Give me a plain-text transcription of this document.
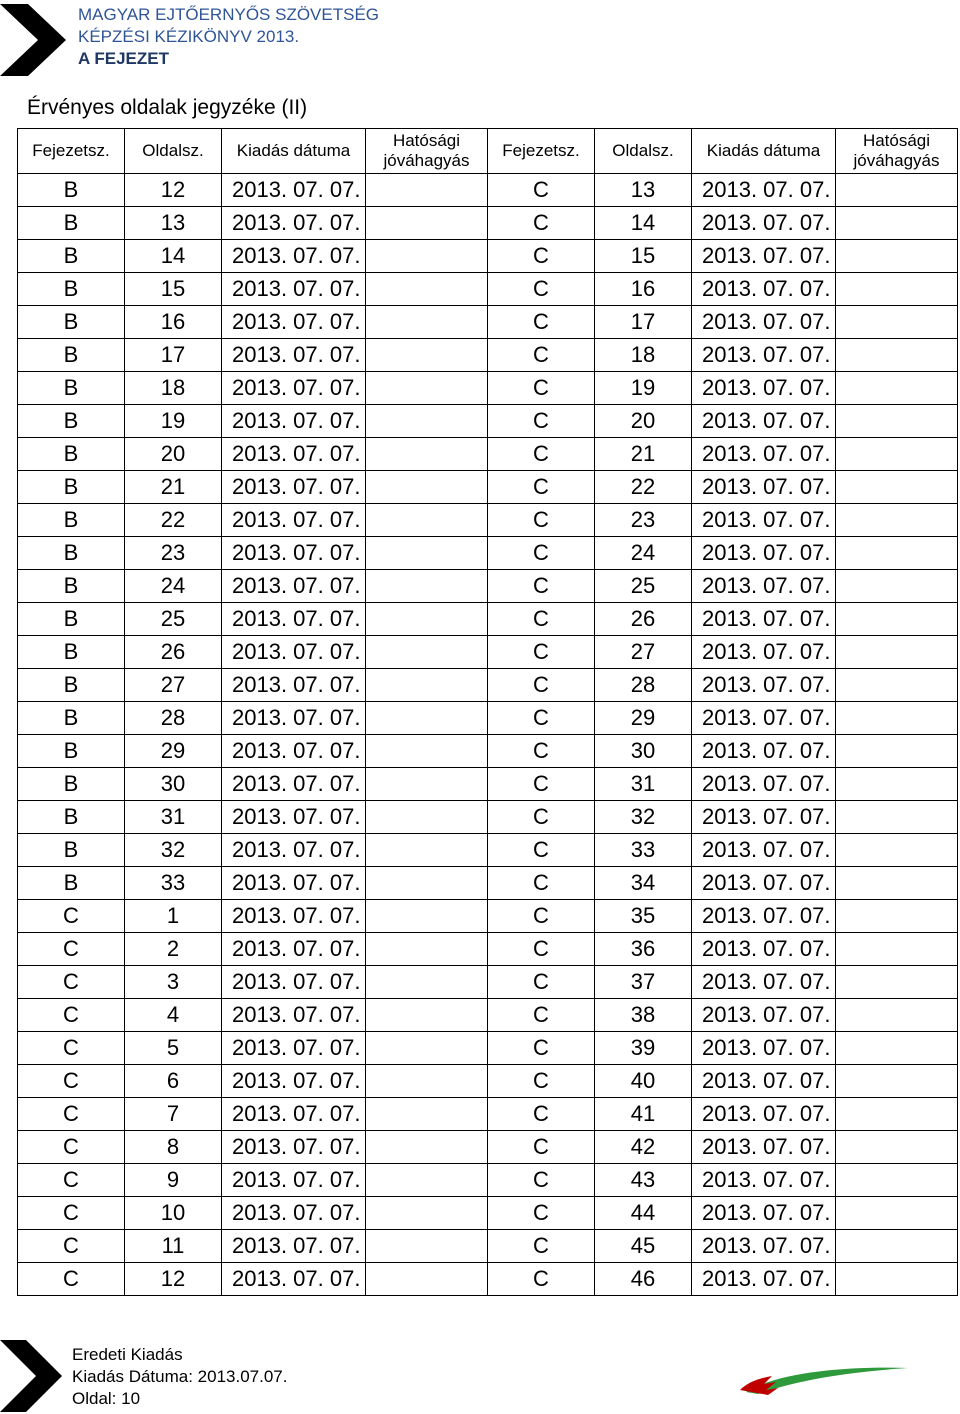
MAGYAR EJTŐERNYŐS SZÖVETSÉG
KÉPZÉSI KÉZIKÖNYV 2013.
A FEJEZET
Érvényes oldalak jegyzéke (II)
Fejezetsz.	Oldalsz.	Kiadás dátuma	Hatósági jóváhagyás	Fejezetsz.	Oldalsz.	Kiadás dátuma	Hatósági jóváhagyás
B	12	2013. 07. 07.		C	13	2013. 07. 07.	
B	13	2013. 07. 07.		C	14	2013. 07. 07.	
B	14	2013. 07. 07.		C	15	2013. 07. 07.	
B	15	2013. 07. 07.		C	16	2013. 07. 07.	
B	16	2013. 07. 07.		C	17	2013. 07. 07.	
B	17	2013. 07. 07.		C	18	2013. 07. 07.	
B	18	2013. 07. 07.		C	19	2013. 07. 07.	
B	19	2013. 07. 07.		C	20	2013. 07. 07.	
B	20	2013. 07. 07.		C	21	2013. 07. 07.	
B	21	2013. 07. 07.		C	22	2013. 07. 07.	
B	22	2013. 07. 07.		C	23	2013. 07. 07.	
B	23	2013. 07. 07.		C	24	2013. 07. 07.	
B	24	2013. 07. 07.		C	25	2013. 07. 07.	
B	25	2013. 07. 07.		C	26	2013. 07. 07.	
B	26	2013. 07. 07.		C	27	2013. 07. 07.	
B	27	2013. 07. 07.		C	28	2013. 07. 07.	
B	28	2013. 07. 07.		C	29	2013. 07. 07.	
B	29	2013. 07. 07.		C	30	2013. 07. 07.	
B	30	2013. 07. 07.		C	31	2013. 07. 07.	
B	31	2013. 07. 07.		C	32	2013. 07. 07.	
B	32	2013. 07. 07.		C	33	2013. 07. 07.	
B	33	2013. 07. 07.		C	34	2013. 07. 07.	
C	1	2013. 07. 07.		C	35	2013. 07. 07.	
C	2	2013. 07. 07.		C	36	2013. 07. 07.	
C	3	2013. 07. 07.		C	37	2013. 07. 07.	
C	4	2013. 07. 07.		C	38	2013. 07. 07.	
C	5	2013. 07. 07.		C	39	2013. 07. 07.	
C	6	2013. 07. 07.		C	40	2013. 07. 07.	
C	7	2013. 07. 07.		C	41	2013. 07. 07.	
C	8	2013. 07. 07.		C	42	2013. 07. 07.	
C	9	2013. 07. 07.		C	43	2013. 07. 07.	
C	10	2013. 07. 07.		C	44	2013. 07. 07.	
C	11	2013. 07. 07.		C	45	2013. 07. 07.	
C	12	2013. 07. 07.		C	46	2013. 07. 07.	
Eredeti Kiadás
Kiadás Dátuma: 2013.07.07.
Oldal: 10
